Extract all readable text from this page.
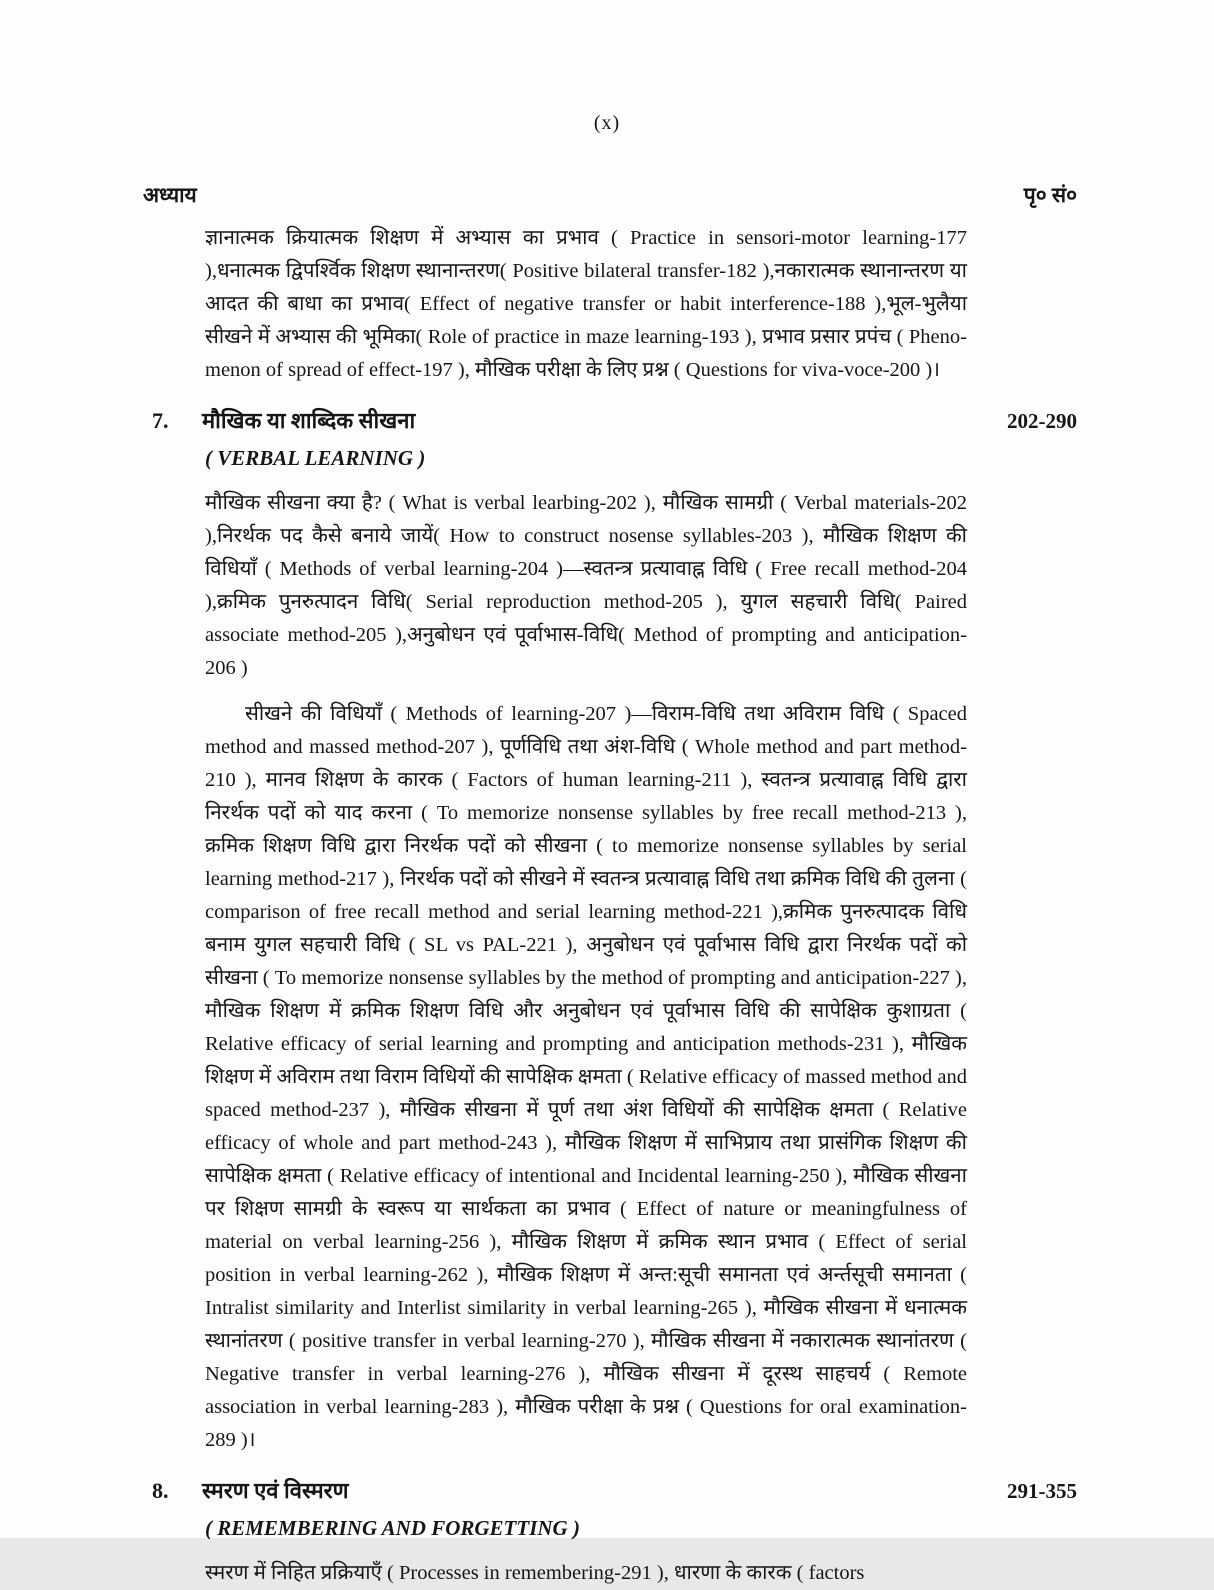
(x)
अध्याय	पृ० सं०

ज्ञानात्मक क्रियात्मक शिक्षण में अभ्यास का प्रभाव ( Practice in sensori-motor learning-177 ),धनात्मक द्विपर्श्विक शिक्षण स्थानान्तरण( Positive bilateral transfer-182 ),नकारात्मक स्थानान्तरण या आदत की बाधा का प्रभाव( Effect of negative transfer or habit interference-188 ),भूल-भुलैया सीखने में अभ्यास की भूमिका( Role of practice in maze learning-193 ), प्रभाव प्रसार प्रपंच ( Pheno-menon of spread of effect-197 ), मौखिक परीक्षा के लिए प्रश्न ( Questions for viva-voce-200 )।

7.	मौखिक या शाब्दिक सीखना	202-290
( VERBAL LEARNING )

मौखिक सीखना क्या है? ( What is verbal learbing-202 ), मौखिक सामग्री ( Verbal materials-202 ),निरर्थक पद कैसे बनाये जायें( How to construct nosense syllables-203 ), मौखिक शिक्षण की विधियाँ ( Methods of verbal learning-204 )—स्वतन्त्र प्रत्यावाह्न विधि ( Free recall method-204 ),क्रमिक पुनरुत्पादन विधि( Serial reproduction method-205 ), युगल सहचारी विधि( Paired associate method-205 ),अनुबोधन एवं पूर्वाभास-विधि( Method of prompting and anticipation-206 )

सीखने की विधियाँ ( Methods of learning-207 )—विराम-विधि तथा अविराम विधि ( Spaced method and massed method-207 ), पूर्णविधि तथा अंश-विधि ( Whole method and part method-210 ), मानव शिक्षण के कारक ( Factors of human learning-211 ), स्वतन्त्र प्रत्यावाह्न विधि द्वारा निरर्थक पदों को याद करना ( To memorize nonsense syllables by free recall method-213 ), क्रमिक शिक्षण विधि द्वारा निरर्थक पदों को सीखना ( to memorize nonsense syllables by serial learning method-217 ), निरर्थक पदों को सीखने में स्वतन्त्र प्रत्यावाह्न विधि तथा क्रमिक विधि की तुलना ( comparison of free recall method and serial learning method-221 ),क्रमिक पुनरुत्पादक विधि बनाम युगल सहचारी विधि ( SL vs PAL-221 ), अनुबोधन एवं पूर्वाभास विधि द्वारा निरर्थक पदों को सीखना ( To memorize nonsense syllables by the method of prompting and anticipation-227 ), मौखिक शिक्षण में क्रमिक शिक्षण विधि और अनुबोधन एवं पूर्वाभास विधि की सापेक्षिक कुशाग्रता ( Relative efficacy of serial learning and prompting and anticipation methods-231 ), मौखिक शिक्षण में अविराम तथा विराम विधियों की सापेक्षिक क्षमता ( Relative efficacy of massed method and spaced method-237 ), मौखिक सीखना में पूर्ण तथा अंश विधियों की सापेक्षिक क्षमता ( Relative efficacy of whole and part method-243 ), मौखिक शिक्षण में साभिप्राय तथा प्रासंगिक शिक्षण की सापेक्षिक क्षमता ( Relative efficacy of intentional and Incidental learning-250 ), मौखिक सीखना पर शिक्षण सामग्री के स्वरूप या सार्थकता का प्रभाव ( Effect of nature or meaningfulness of material on verbal learning-256 ), मौखिक शिक्षण में क्रमिक स्थान प्रभाव ( Effect of serial position in verbal learning-262 ), मौखिक शिक्षण में अन्त:सूची समानता एवं अर्न्तसूची समानता ( Intralist similarity and Interlist similarity in verbal learning-265 ), मौखिक सीखना में धनात्मक स्थानांतरण ( positive transfer in verbal learning-270 ), मौखिक सीखना में नकारात्मक स्थानांतरण ( Negative transfer in verbal learning-276 ), मौखिक सीखना में दूरस्थ साहचर्य ( Remote association in verbal learning-283 ), मौखिक परीक्षा के प्रश्न ( Questions for oral examination-289 )।

8.	स्मरण एवं विस्मरण	291-355
( REMEMBERING AND FORGETTING )

स्मरण में निहित प्रक्रियाएँ ( Processes in remembering-291 ), धारणा के कारक ( factors
